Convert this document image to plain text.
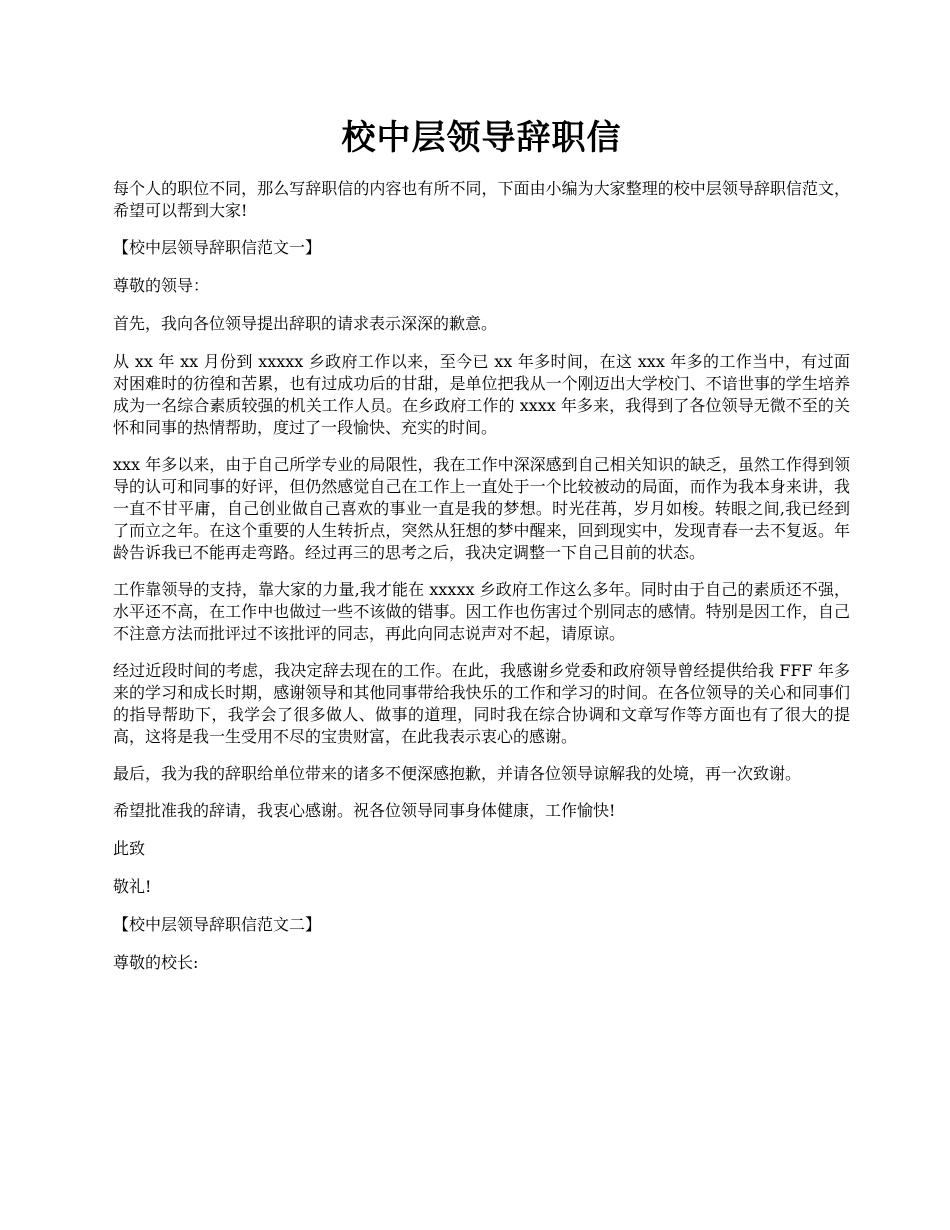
校中层领导辞职信

每个人的职位不同，那么写辞职信的内容也有所不同，下面由小编为大家整理的校中层领导辞职信范文，希望可以帮到大家!

【校中层领导辞职信范文一】

尊敬的领导：

首先，我向各位领导提出辞职的请求表示深深的歉意。

从 xx 年 xx 月份到 xxxxx 乡政府工作以来，至今已 xx 年多时间，在这 xxx 年多的工作当中，有过面对困难时的彷徨和苦累，也有过成功后的甘甜，是单位把我从一个刚迈出大学校门、不谙世事的学生培养成为一名综合素质较强的机关工作人员。在乡政府工作的 xxxx 年多来，我得到了各位领导无微不至的关怀和同事的热情帮助，度过了一段愉快、充实的时间。

xxx 年多以来，由于自己所学专业的局限性，我在工作中深深感到自己相关知识的缺乏，虽然工作得到领导的认可和同事的好评，但仍然感觉自己在工作上一直处于一个比较被动的局面，而作为我本身来讲，我一直不甘平庸，自己创业做自己喜欢的事业一直是我的梦想。时光荏苒，岁月如梭。转眼之间,我已经到了而立之年。在这个重要的人生转折点，突然从狂想的梦中醒来，回到现实中，发现青春一去不复返。年龄告诉我已不能再走弯路。经过再三的思考之后，我决定调整一下自己目前的状态。

工作靠领导的支持，靠大家的力量,我才能在 xxxxx 乡政府工作这么多年。同时由于自己的素质还不强，水平还不高，在工作中也做过一些不该做的错事。因工作也伤害过个别同志的感情。特别是因工作，自己不注意方法而批评过不该批评的同志，再此向同志说声对不起，请原谅。

经过近段时间的考虑，我决定辞去现在的工作。在此，我感谢乡党委和政府领导曾经提供给我 FFF 年多来的学习和成长时期，感谢领导和其他同事带给我快乐的工作和学习的时间。在各位领导的关心和同事们的指导帮助下，我学会了很多做人、做事的道理，同时我在综合协调和文章写作等方面也有了很大的提高，这将是我一生受用不尽的宝贵财富，在此我表示衷心的感谢。

最后，我为我的辞职给单位带来的诸多不便深感抱歉，并请各位领导谅解我的处境，再一次致谢。

希望批准我的辞请，我衷心感谢。祝各位领导同事身体健康，工作愉快!

此致

敬礼!

【校中层领导辞职信范文二】

尊敬的校长:
